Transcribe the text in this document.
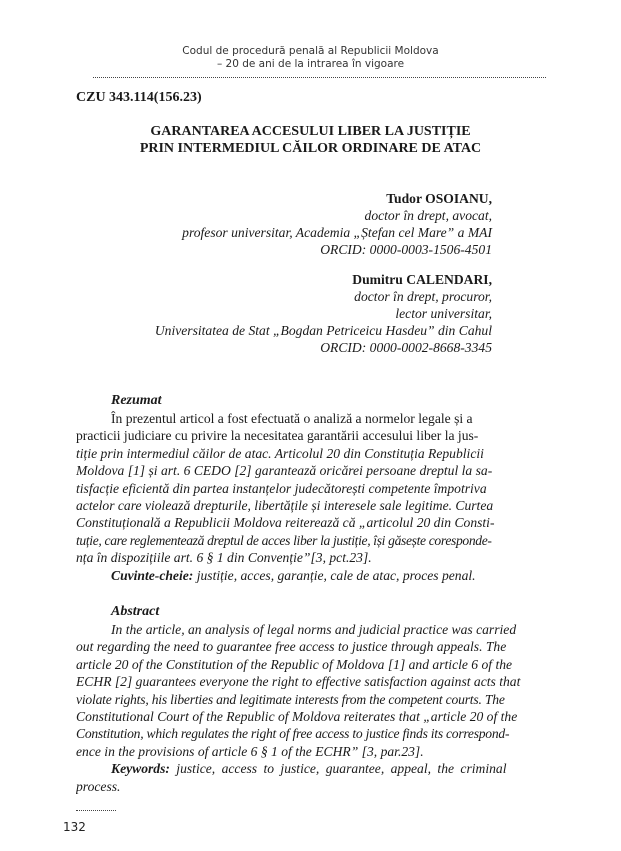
Codul de procedură penală al Republicii Moldova
– 20 de ani de la intrarea în vigoare
CZU 343.114(156.23)
GARANTAREA ACCESULUI LIBER LA JUSTIȚIE
PRIN INTERMEDIUL CĂILOR ORDINARE DE ATAC
Tudor OSOIANU,
doctor în drept, avocat,
profesor universitar, Academia „Ștefan cel Mare” a MAI
ORCID: 0000-0003-1506-4501
Dumitru CALENDARI,
doctor în drept, procuror,
lector universitar,
Universitatea de Stat „Bogdan Petriceicu Hasdeu” din Cahul
ORCID: 0000-0002-8668-3345
Rezumat
În prezentul articol a fost efectuată o analiză a normelor legale și a
practicii judiciare cu privire la necesitatea garantării accesului liber la jus-
tiție prin intermediul căilor de atac. Articolul 20 din Constituția Republicii
Moldova [1] și art. 6 CEDO [2] garantează oricărei persoane dreptul la sa-
tisfacție eficientă din partea instanțelor judecătorești competente împotriva
actelor care violează drepturile, libertățile și interesele sale legitime. Curtea
Constituțională a Republicii Moldova reiterează că „articolul 20 din Consti-
tuție, care reglementează dreptul de acces liber la justiție, își găsește coresponde-
nța în dispozițiile art. 6 § 1 din Convenție”[3, pct.23].
Cuvinte-cheie: justiție, acces, garanție, cale de atac, proces penal.
Abstract
In the article, an analysis of legal norms and judicial practice was carried
out regarding the need to guarantee free access to justice through appeals. The
article 20 of the Constitution of the Republic of Moldova [1] and article 6 of the
ECHR [2] guarantees everyone the right to effective satisfaction against acts that
violate rights, his liberties and legitimate interests from the competent courts. The
Constitutional Court of the Republic of Moldova reiterates that „article 20 of the
Constitution, which regulates the right of free access to justice finds its correspond-
ence in the provisions of article 6 § 1 of the ECHR” [3, par.23].
Keywords: justice, access to justice, guarantee, appeal, the criminal
process.
132
